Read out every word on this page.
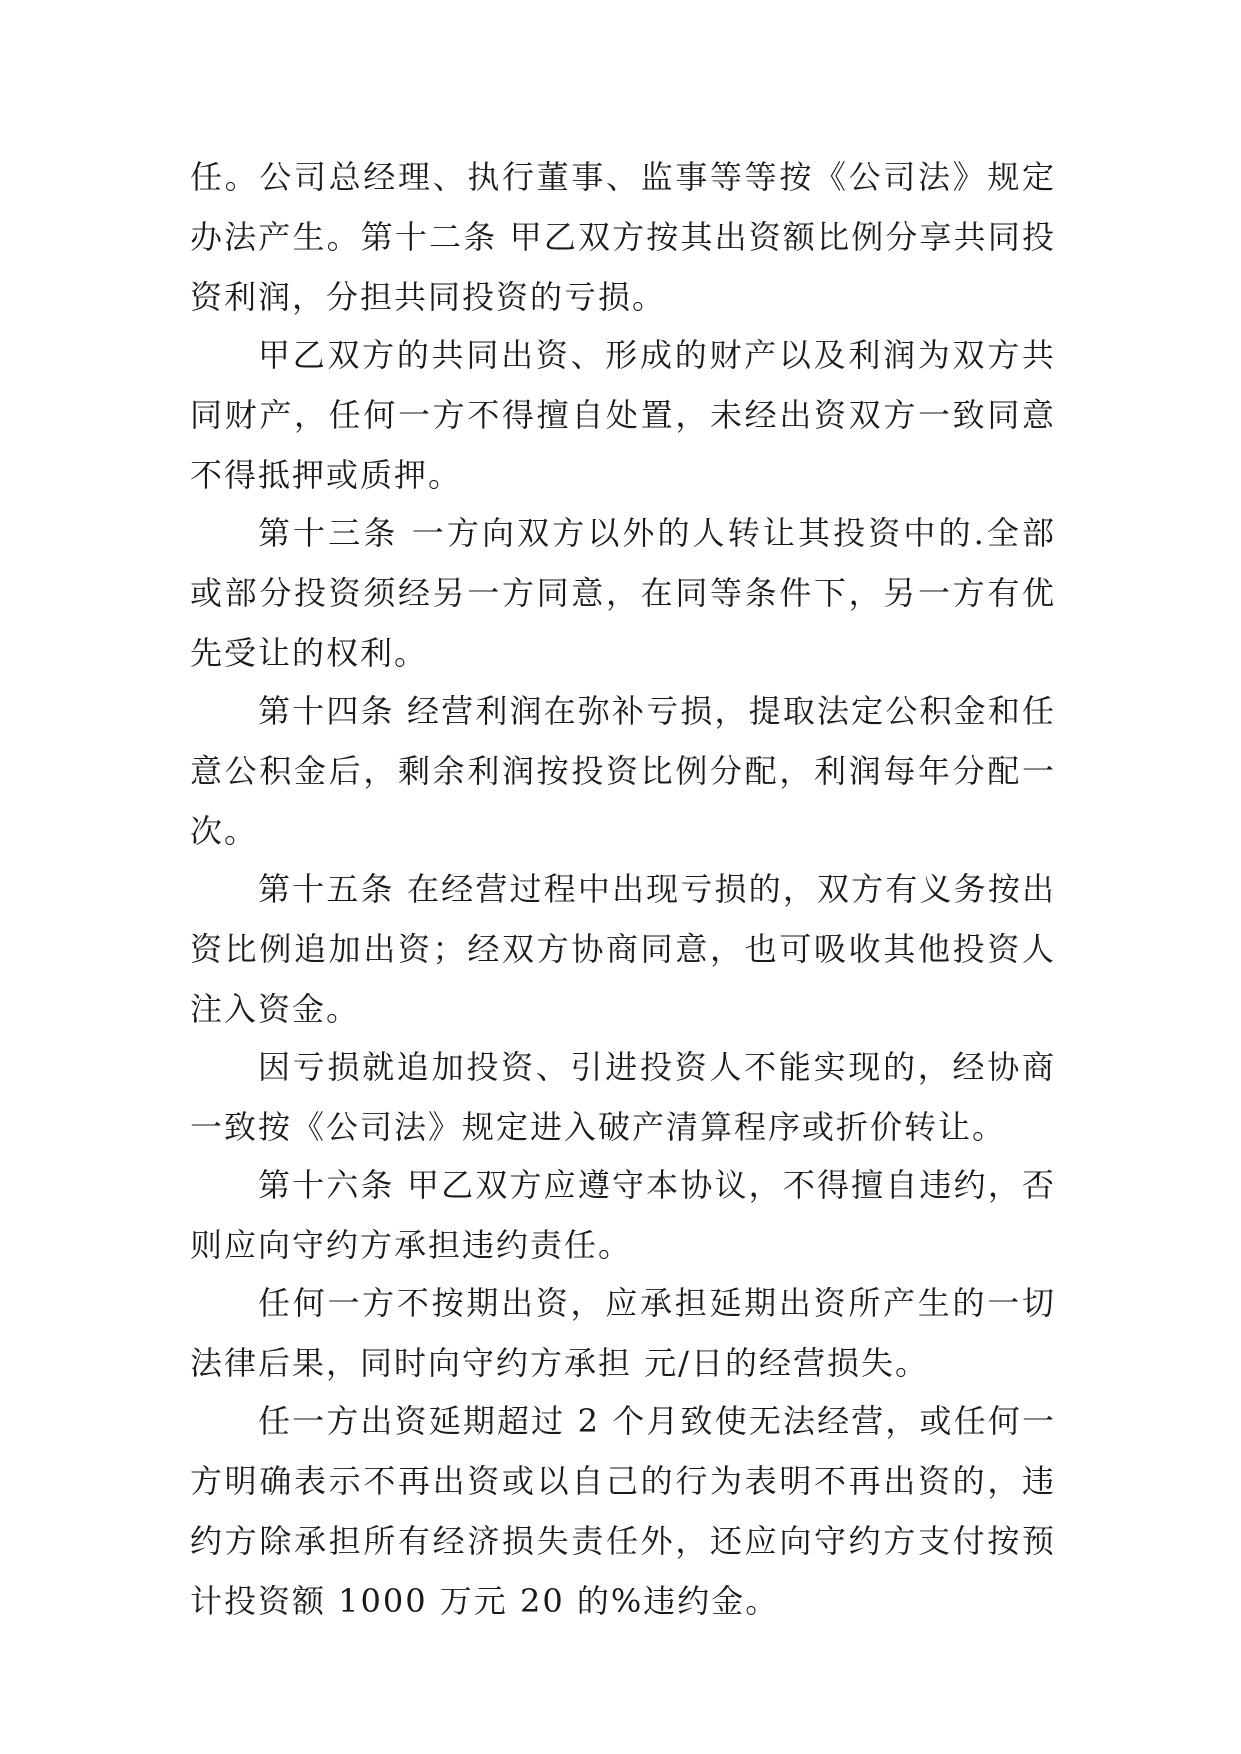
任。公司总经理、执行董事、监事等等按《公司法》规定办法产生。第十二条 甲乙双方按其出资额比例分享共同投资利润，分担共同投资的亏损。

甲乙双方的共同出资、形成的财产以及利润为双方共同财产，任何一方不得擅自处置，未经出资双方一致同意不得抵押或质押。

第十三条 一方向双方以外的人转让其投资中的.全部或部分投资须经另一方同意，在同等条件下，另一方有优先受让的权利。

第十四条 经营利润在弥补亏损，提取法定公积金和任意公积金后，剩余利润按投资比例分配，利润每年分配一次。

第十五条 在经营过程中出现亏损的，双方有义务按出资比例追加出资；经双方协商同意，也可吸收其他投资人注入资金。

因亏损就追加投资、引进投资人不能实现的，经协商一致按《公司法》规定进入破产清算程序或折价转让。

第十六条 甲乙双方应遵守本协议，不得擅自违约，否则应向守约方承担违约责任。

任何一方不按期出资，应承担延期出资所产生的一切法律后果，同时向守约方承担 元/日的经营损失。

任一方出资延期超过 2 个月致使无法经营，或任何一方明确表示不再出资或以自己的行为表明不再出资的，违约方除承担所有经济损失责任外，还应向守约方支付按预计投资额 1000 万元 20 的%违约金。
